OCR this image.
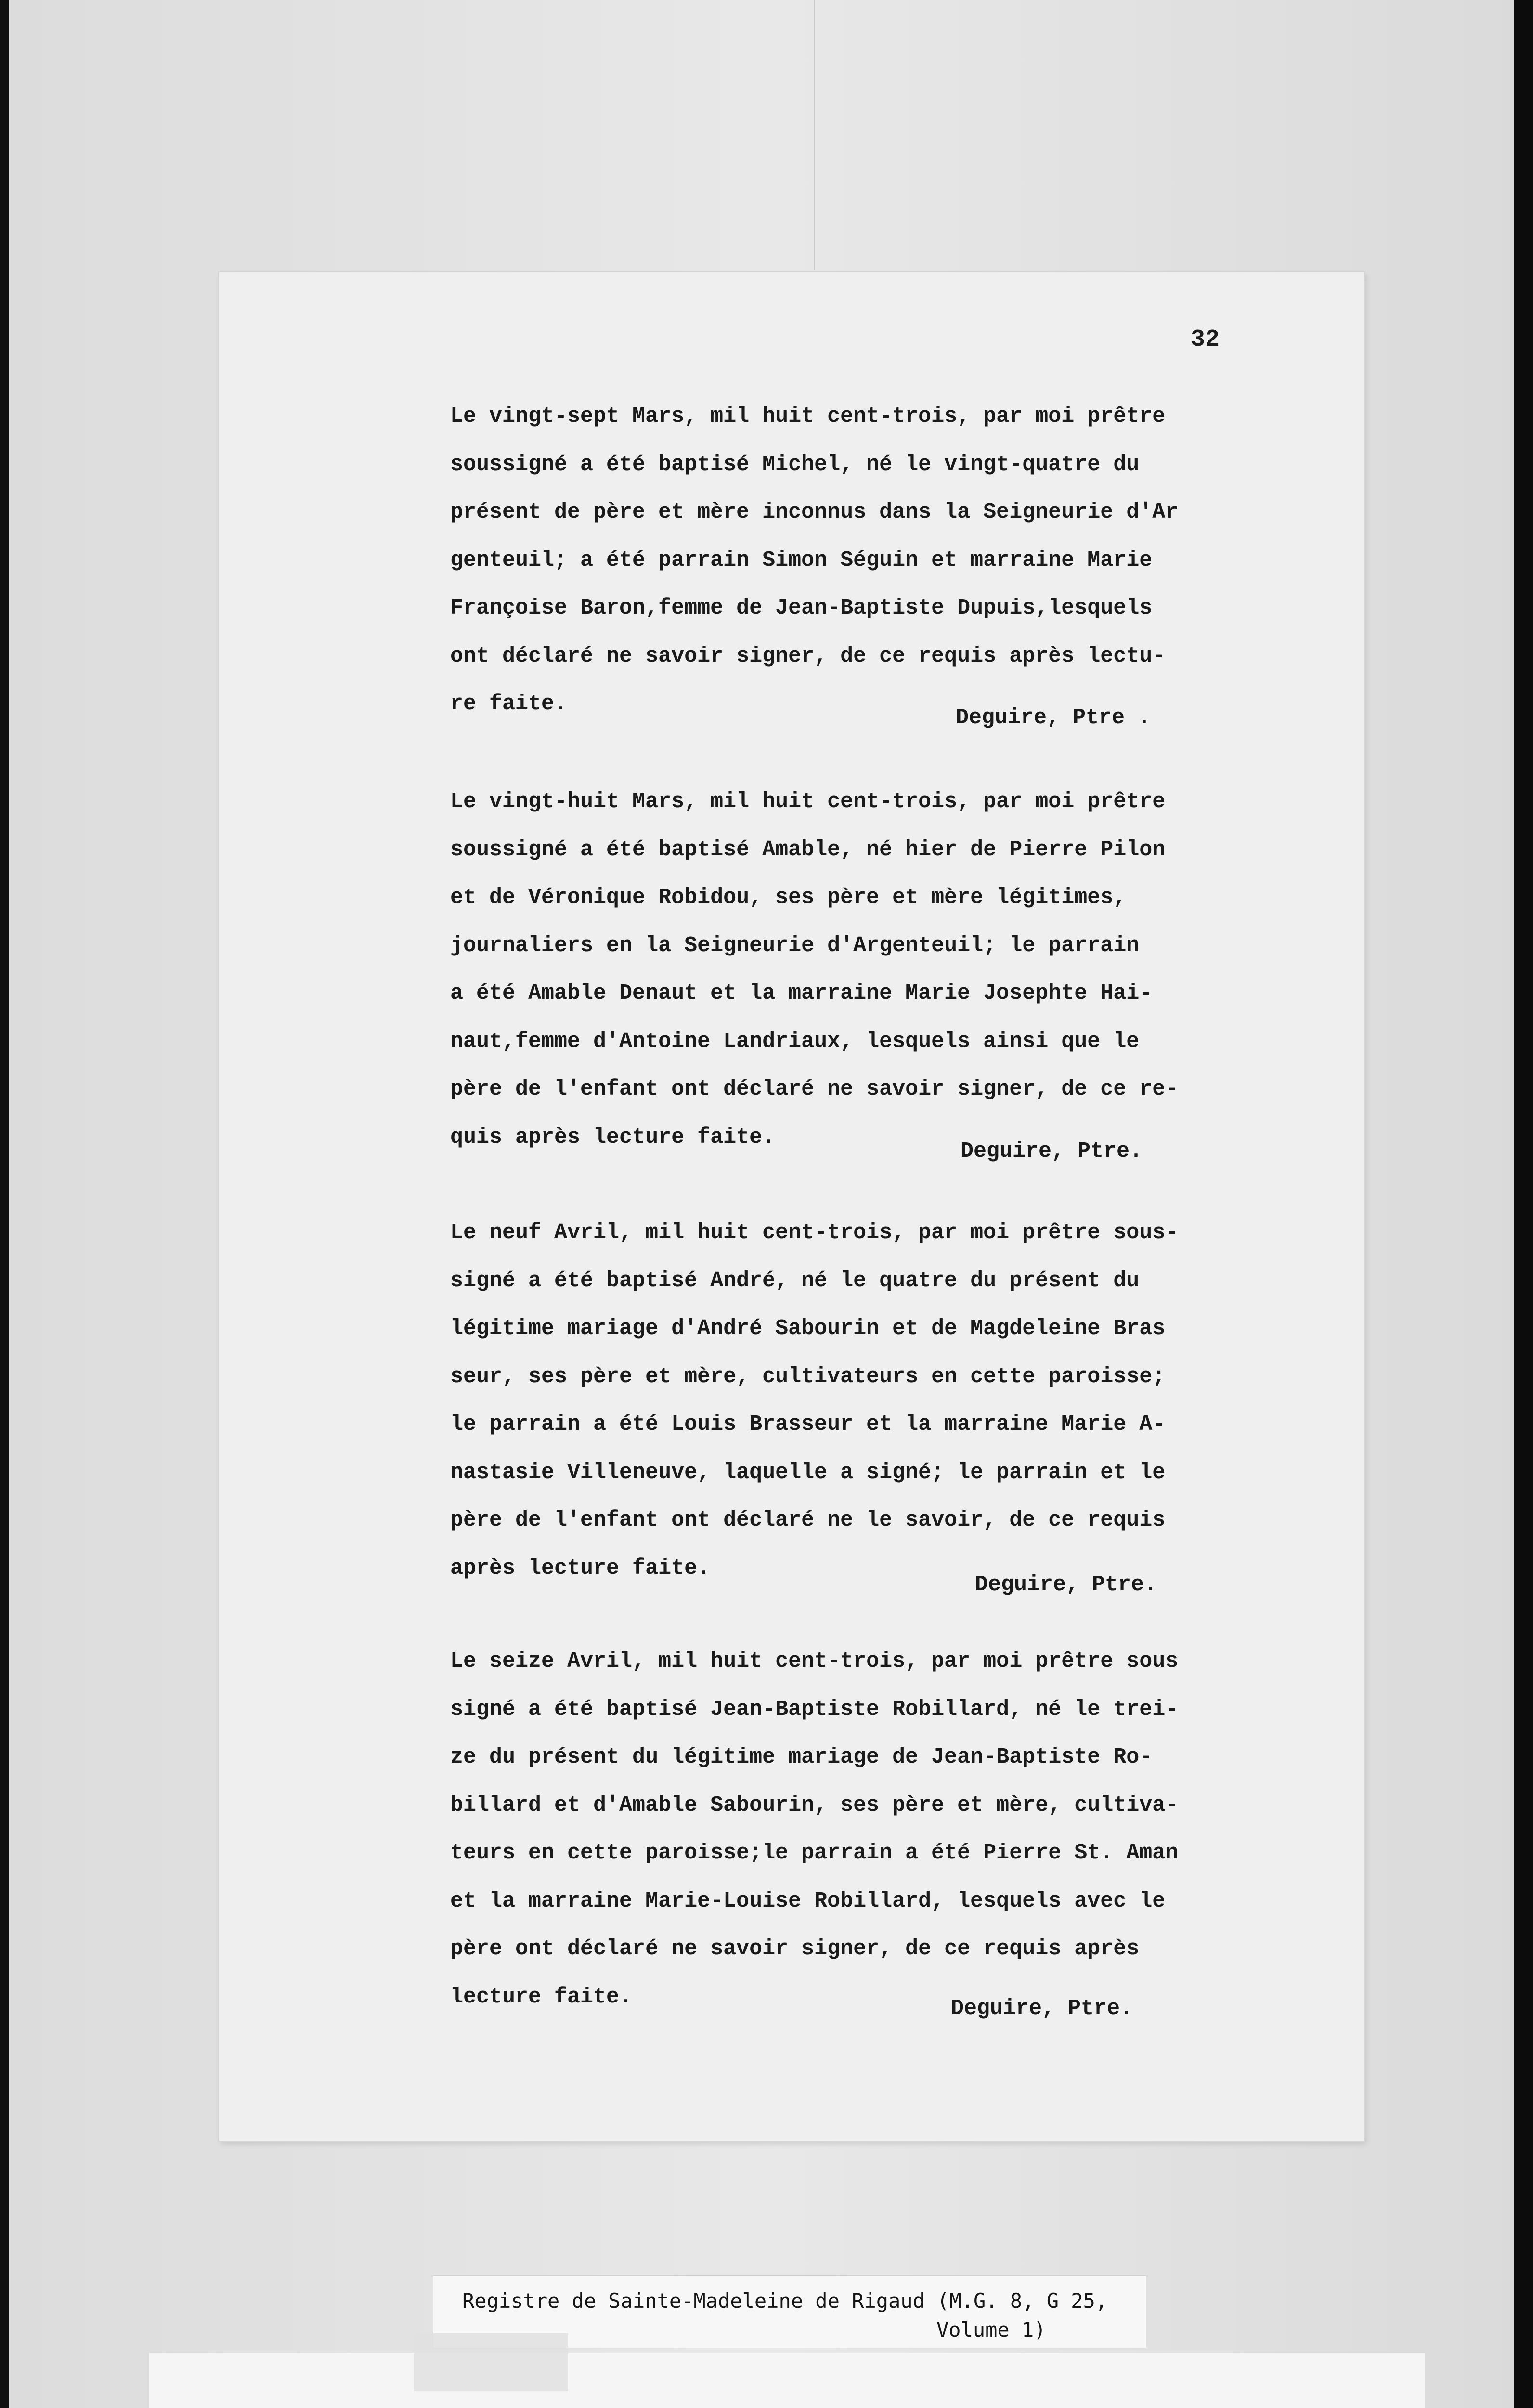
32
Le vingt-sept Mars, mil huit cent-trois, par moi prêtre
soussigné a été baptisé Michel, né le vingt-quatre du
présent de père et mère inconnus dans la Seigneurie d'Ar
genteuil; a été parrain Simon Séguin et marraine Marie
Françoise Baron,femme de Jean-Baptiste Dupuis,lesquels
ont déclaré ne savoir signer, de ce requis après lectu-
re faite.
Deguire, Ptre .
Le vingt-huit Mars, mil huit cent-trois, par moi prêtre
soussigné a été baptisé Amable, né hier de Pierre Pilon
et de Véronique Robidou, ses père et mère légitimes,
journaliers en la Seigneurie d'Argenteuil; le parrain
a été Amable Denaut et la marraine Marie Josephte Hai-
naut,femme d'Antoine Landriaux, lesquels ainsi que le
père de l'enfant ont déclaré ne savoir signer, de ce re-
quis après lecture faite.
Deguire, Ptre.
Le neuf Avril, mil huit cent-trois, par moi prêtre sous-
signé a été baptisé André, né le quatre du présent du
légitime mariage d'André Sabourin et de Magdeleine Bras
seur, ses père et mère, cultivateurs en cette paroisse;
le parrain a été Louis Brasseur et la marraine Marie A-
nastasie Villeneuve, laquelle a signé; le parrain et le
père de l'enfant ont déclaré ne le savoir, de ce requis
après lecture faite.
Deguire, Ptre.
Le seize Avril, mil huit cent-trois, par moi prêtre sous
signé a été baptisé Jean-Baptiste Robillard, né le trei-
ze du présent du légitime mariage de Jean-Baptiste Ro-
billard et d'Amable Sabourin, ses père et mère, cultiva-
teurs en cette paroisse;le parrain a été Pierre St. Aman
et la marraine Marie-Louise Robillard, lesquels avec le
père ont déclaré ne savoir signer, de ce requis après
lecture faite.	Deguire, Ptre.
Registre de Sainte-Madeleine de Rigaud (M.G. 8, G 25,
Volume 1)
